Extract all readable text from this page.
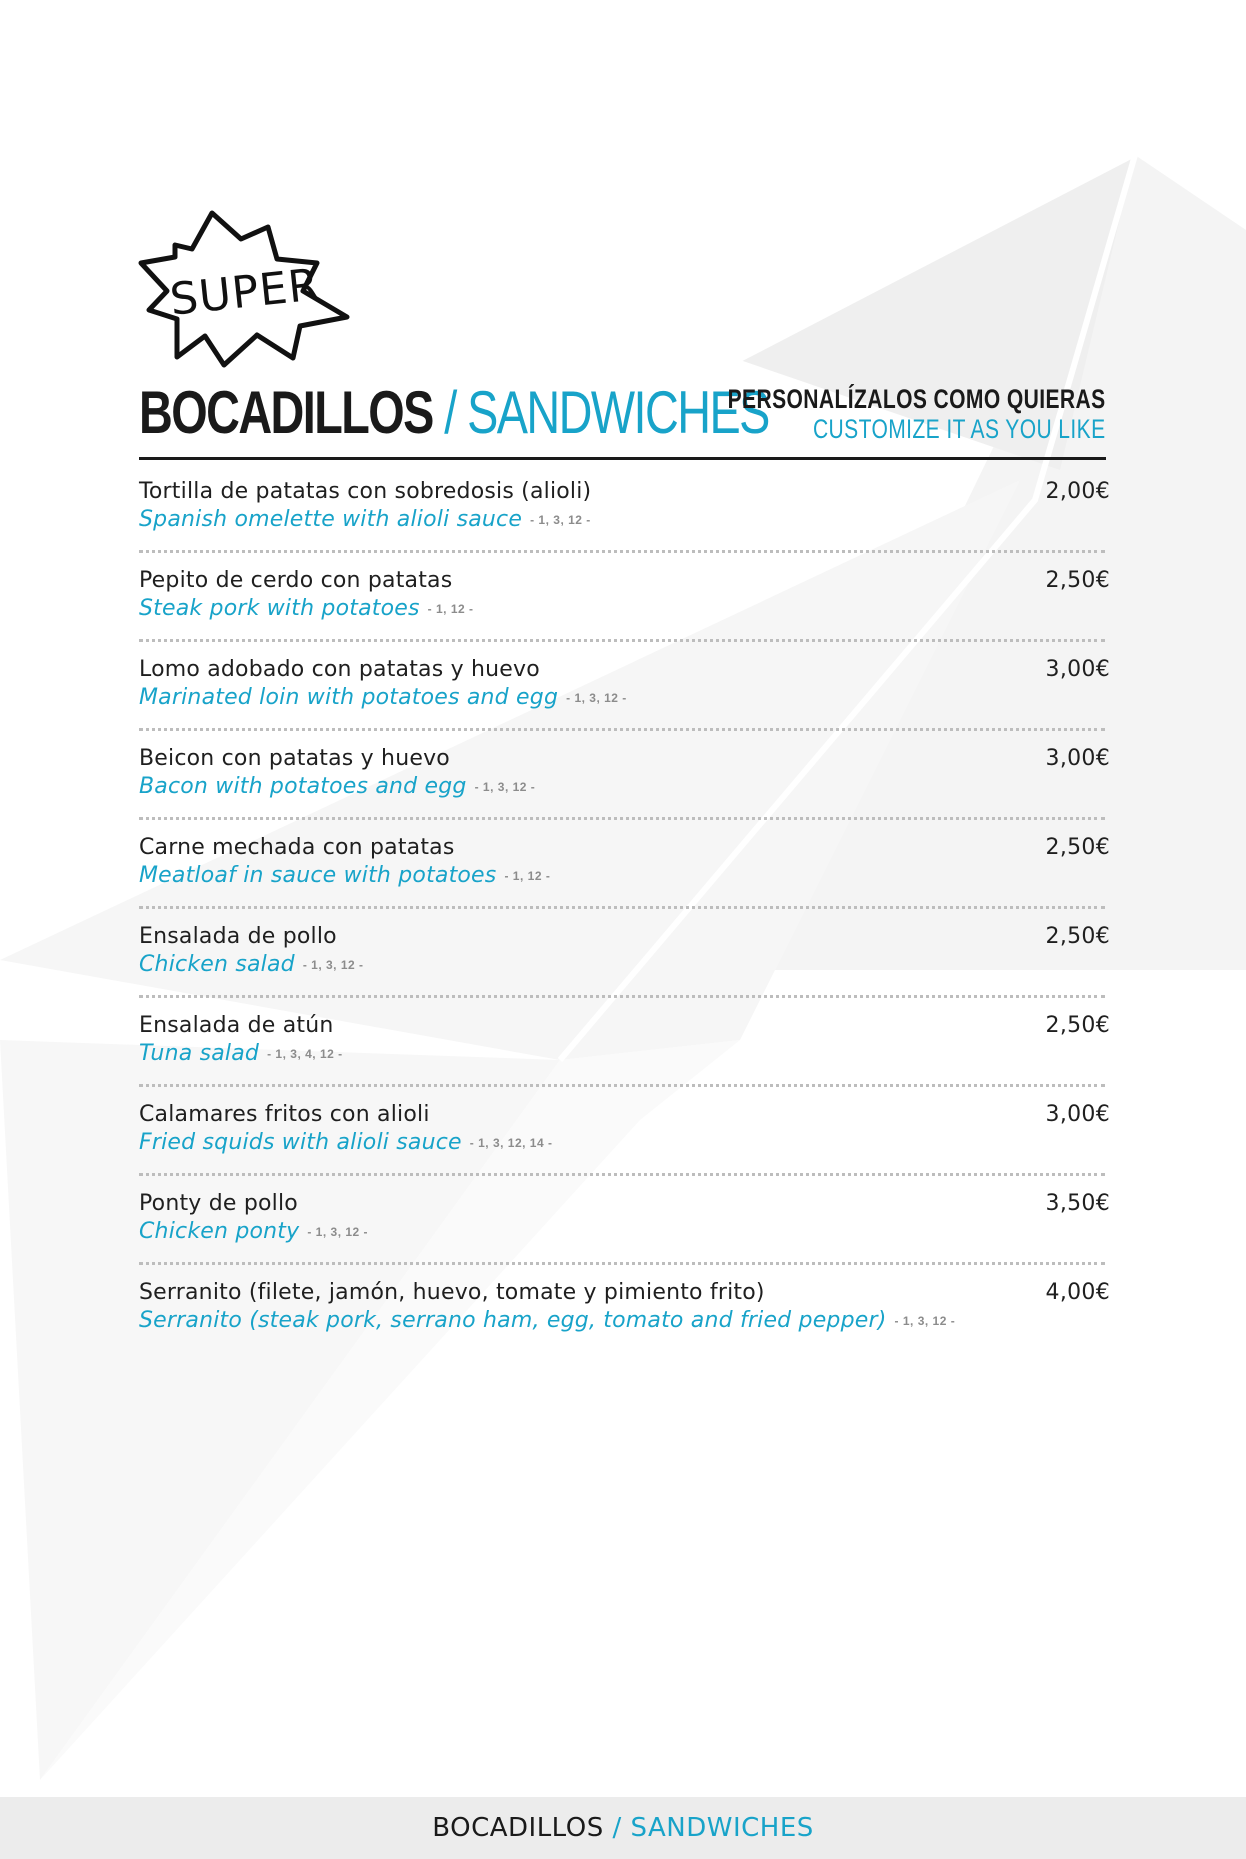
SUPER
BOCADILLOS / SANDWICHES
PERSONALÍZALOS COMO QUIERAS
CUSTOMIZE IT AS YOU LIKE
Tortilla de patatas con sobredosis (alioli)
Spanish omelette with alioli sauce - 1, 3, 12 -
2,00€
Pepito de cerdo con patatas
Steak pork with potatoes - 1, 12 -
2,50€
Lomo adobado con patatas y huevo
Marinated loin with potatoes and egg - 1, 3, 12 -
3,00€
Beicon con patatas y huevo
Bacon with potatoes and egg - 1, 3, 12 -
3,00€
Carne mechada con patatas
Meatloaf in sauce with potatoes - 1, 12 -
2,50€
Ensalada de pollo
Chicken salad - 1, 3, 12 -
2,50€
Ensalada de atún
Tuna salad - 1, 3, 4, 12 -
2,50€
Calamares fritos con alioli
Fried squids with alioli sauce - 1, 3, 12, 14 -
3,00€
Ponty de pollo
Chicken ponty - 1, 3, 12 -
3,50€
Serranito (filete, jamón, huevo, tomate y pimiento frito)
Serranito (steak pork, serrano ham, egg, tomato and fried pepper) - 1, 3, 12 -
4,00€
BOCADILLOS / SANDWICHES
